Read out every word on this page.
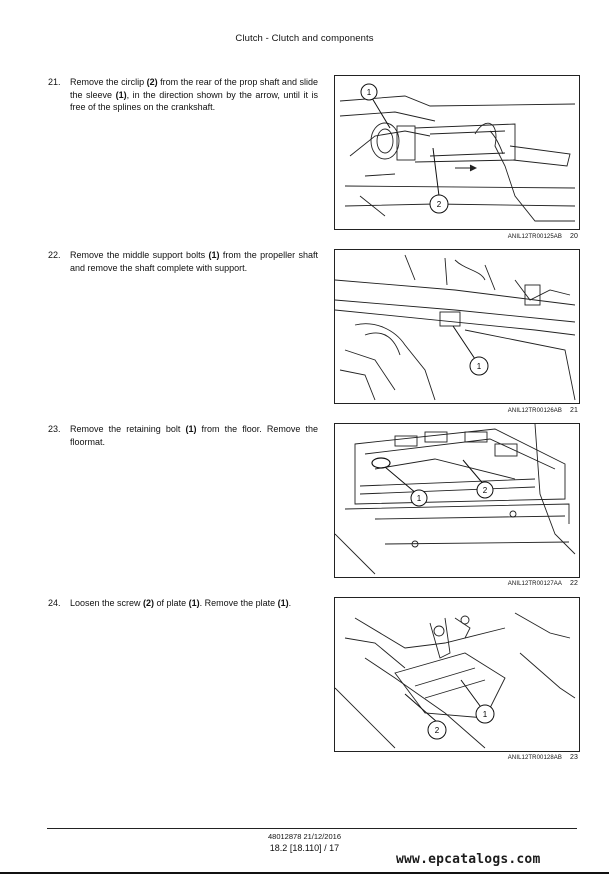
Clutch - Clutch and components
21. Remove the circlip (2) from the rear of the prop shaft and slide the sleeve (1), in the direction shown by the arrow, until it is free of the splines on the crankshaft.
1
2
ANIL12TR00125AB 20
22. Remove the middle support bolts (1) from the propeller shaft and remove the shaft complete with support.
1
ANIL12TR00126AB 21
23. Remove the retaining bolt (1) from the floor. Remove the floormat.
1
2
ANIL12TR00127AA 22
24. Loosen the screw (2) of plate (1). Remove the plate (1).
1
2
ANIL12TR00128AB 23
48012878 21/12/2016
18.2 [18.110] / 17
www.epcatalogs.com
